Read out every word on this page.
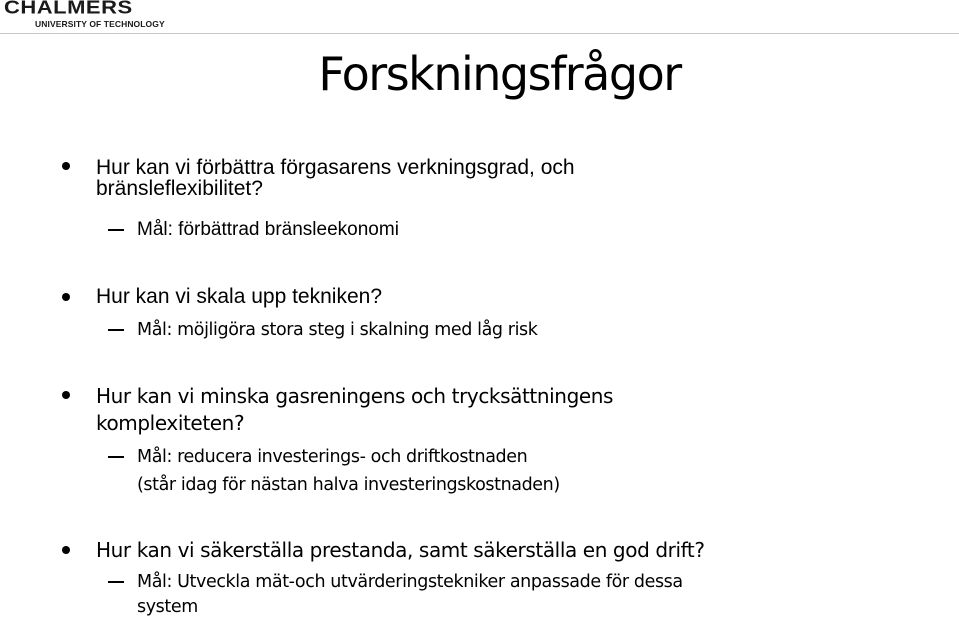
CHALMERS
UNIVERSITY OF TECHNOLOGY
Forskningsfrågor
Hur kan vi förbättra förgasarens verkningsgrad, och
bränsleflexibilitet?
Mål: förbättrad bränsleekonomi
Hur kan vi skala upp tekniken?
Mål: möjligöra stora steg i skalning med låg risk
Hur kan vi minska gasreningens och trycksättningens
komplexiteten?
Mål: reducera investerings- och driftkostnaden
(står idag för nästan halva investeringskostnaden)
Hur kan vi säkerställa prestanda, samt säkerställa en god drift?
Mål: Utveckla mät-och utvärderingstekniker anpassade för dessa
system
